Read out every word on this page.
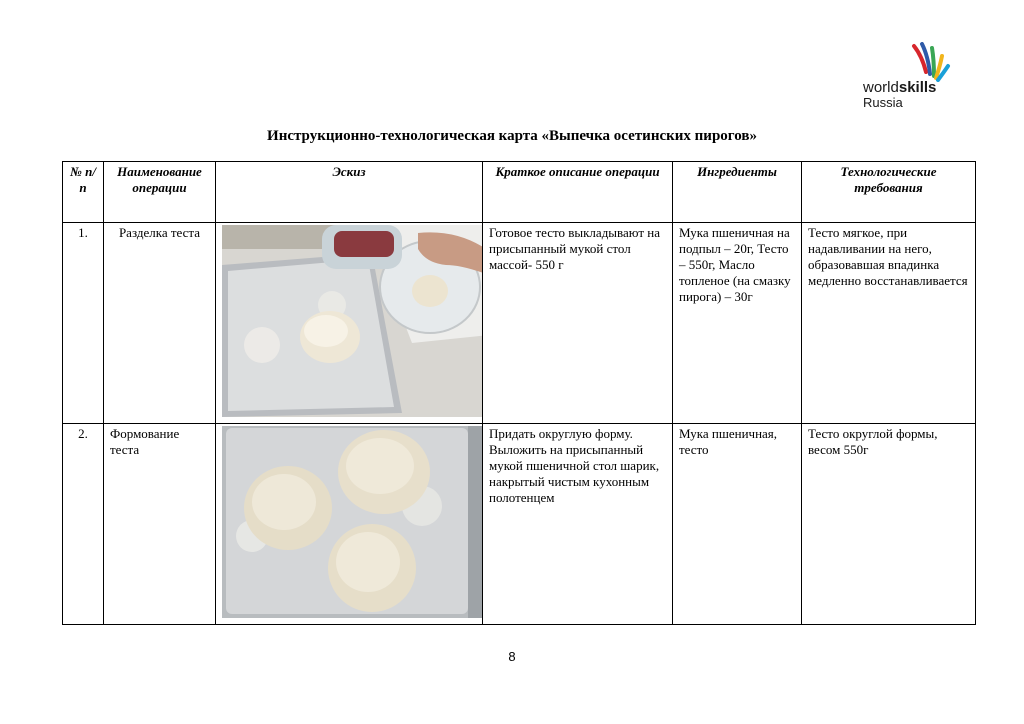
worldskills
Russia
Инструкционно-технологическая карта «Выпечка осетинских пирогов»
№ п/п	Наименование операции	Эскиз	Краткое описание операции	Ингредиенты	Технологические требования
1.	Разделка теста		Готовое тесто выкладывают на присыпанный мукой стол массой- 550 г	Мука пшеничная на подпыл – 20г, Тесто – 550г, Масло топленое (на смазку пирога) – 30г	Тесто мягкое, при надавливании на него, образовавшая впадинка медленно восстанавливается
2.	Формование теста		Придать округлую форму. Выложить на присыпанный мукой пшеничной стол шарик, накрытый чистым кухонным полотенцем	Мука пшеничная, тесто	Тесто округлой формы, весом 550г
8
